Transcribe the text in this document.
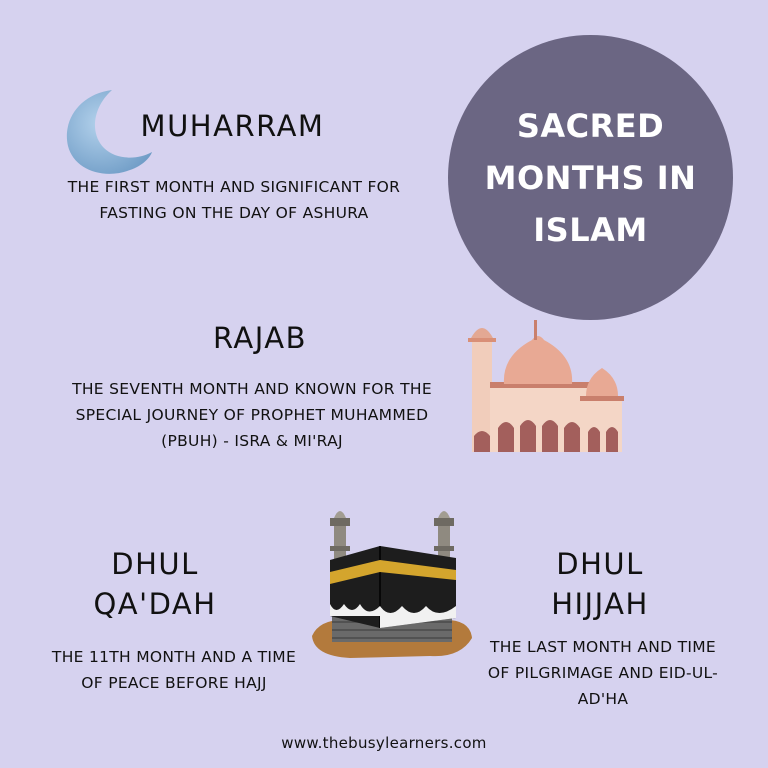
SACRED MONTHS IN ISLAM
MUHARRAM
THE FIRST MONTH AND SIGNIFICANT FOR FASTING ON THE DAY OF ASHURA
RAJAB
THE SEVENTH MONTH AND KNOWN FOR THE SPECIAL JOURNEY OF PROPHET MUHAMMED (PBUH) - ISRA & MI'RAJ
DHUL QA'DAH
THE 11TH MONTH AND A TIME OF PEACE BEFORE HAJJ
DHUL HIJJAH
THE LAST MONTH AND TIME OF PILGRIMAGE AND EID-UL-AD'HA
www.thebusylearners.com
